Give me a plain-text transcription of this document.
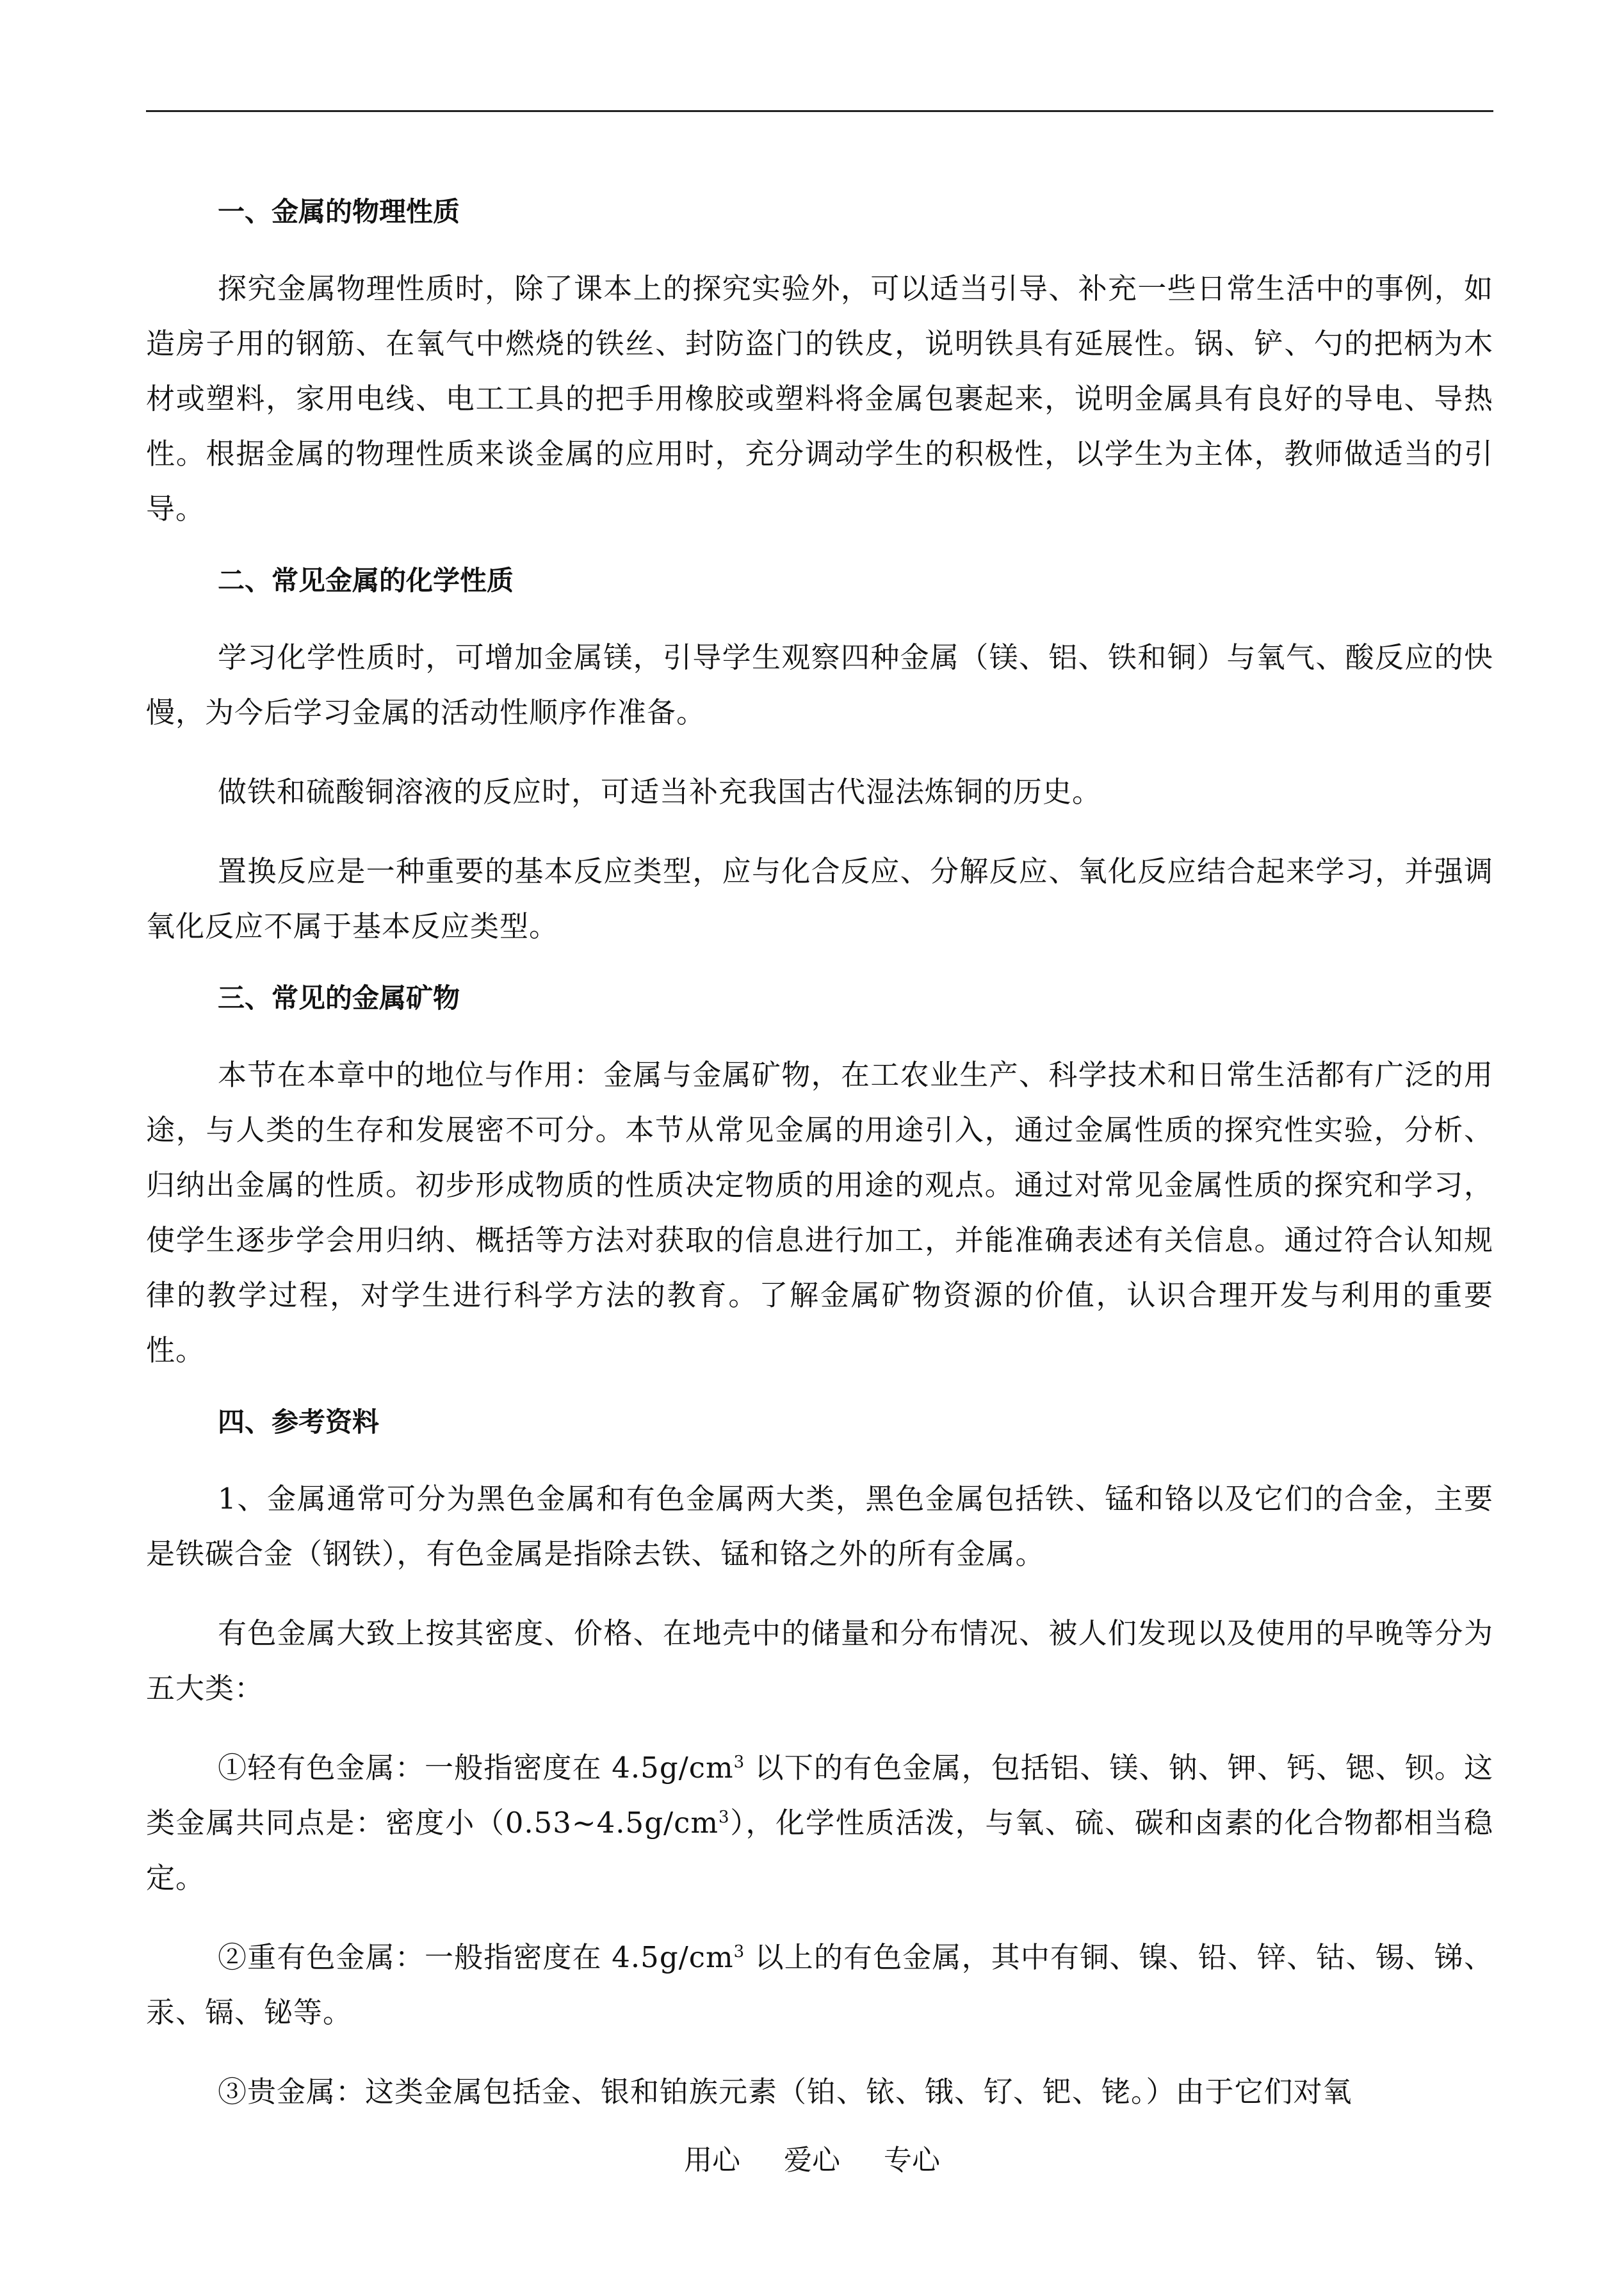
一、金属的物理性质

探究金属物理性质时，除了课本上的探究实验外，可以适当引导、补充一些日常生活中的事例，如造房子用的钢筋、在氧气中燃烧的铁丝、封防盗门的铁皮，说明铁具有延展性。锅、铲、勺的把柄为木材或塑料，家用电线、电工工具的把手用橡胶或塑料将金属包裹起来，说明金属具有良好的导电、导热性。根据金属的物理性质来谈金属的应用时，充分调动学生的积极性，以学生为主体，教师做适当的引导。

二、常见金属的化学性质

学习化学性质时，可增加金属镁，引导学生观察四种金属（镁、铝、铁和铜）与氧气、酸反应的快慢，为今后学习金属的活动性顺序作准备。

做铁和硫酸铜溶液的反应时，可适当补充我国古代湿法炼铜的历史。

置换反应是一种重要的基本反应类型，应与化合反应、分解反应、氧化反应结合起来学习，并强调氧化反应不属于基本反应类型。

三、常见的金属矿物

本节在本章中的地位与作用：金属与金属矿物，在工农业生产、科学技术和日常生活都有广泛的用途，与人类的生存和发展密不可分。本节从常见金属的用途引入，通过金属性质的探究性实验，分析、归纳出金属的性质。初步形成物质的性质决定物质的用途的观点。通过对常见金属性质的探究和学习，使学生逐步学会用归纳、概括等方法对获取的信息进行加工，并能准确表述有关信息。通过符合认知规律的教学过程，对学生进行科学方法的教育。了解金属矿物资源的价值，认识合理开发与利用的重要性。

四、参考资料

1、金属通常可分为黑色金属和有色金属两大类，黑色金属包括铁、锰和铬以及它们的合金，主要是铁碳合金（钢铁），有色金属是指除去铁、锰和铬之外的所有金属。

有色金属大致上按其密度、价格、在地壳中的储量和分布情况、被人们发现以及使用的早晚等分为五大类：

①轻有色金属：一般指密度在 $4.5g/cm^3$ 以下的有色金属，包括铝、镁、钠、钾、钙、锶、钡。这类金属共同点是：密度小$(0.53\sim 4.5g/cm^3)$，化学性质活泼，与氧、硫、碳和卤素的化合物都相当稳定。

②重有色金属：一般指密度在 $4.5g/cm^3$ 以上的有色金属，其中有铜、镍、铅、锌、钴、锡、锑、汞、镉、铋等。

③贵金属：这类金属包括金、银和铂族元素（铂、铱、锇、钌、钯、铑。）由于它们对氧

用心 爱心 专心
